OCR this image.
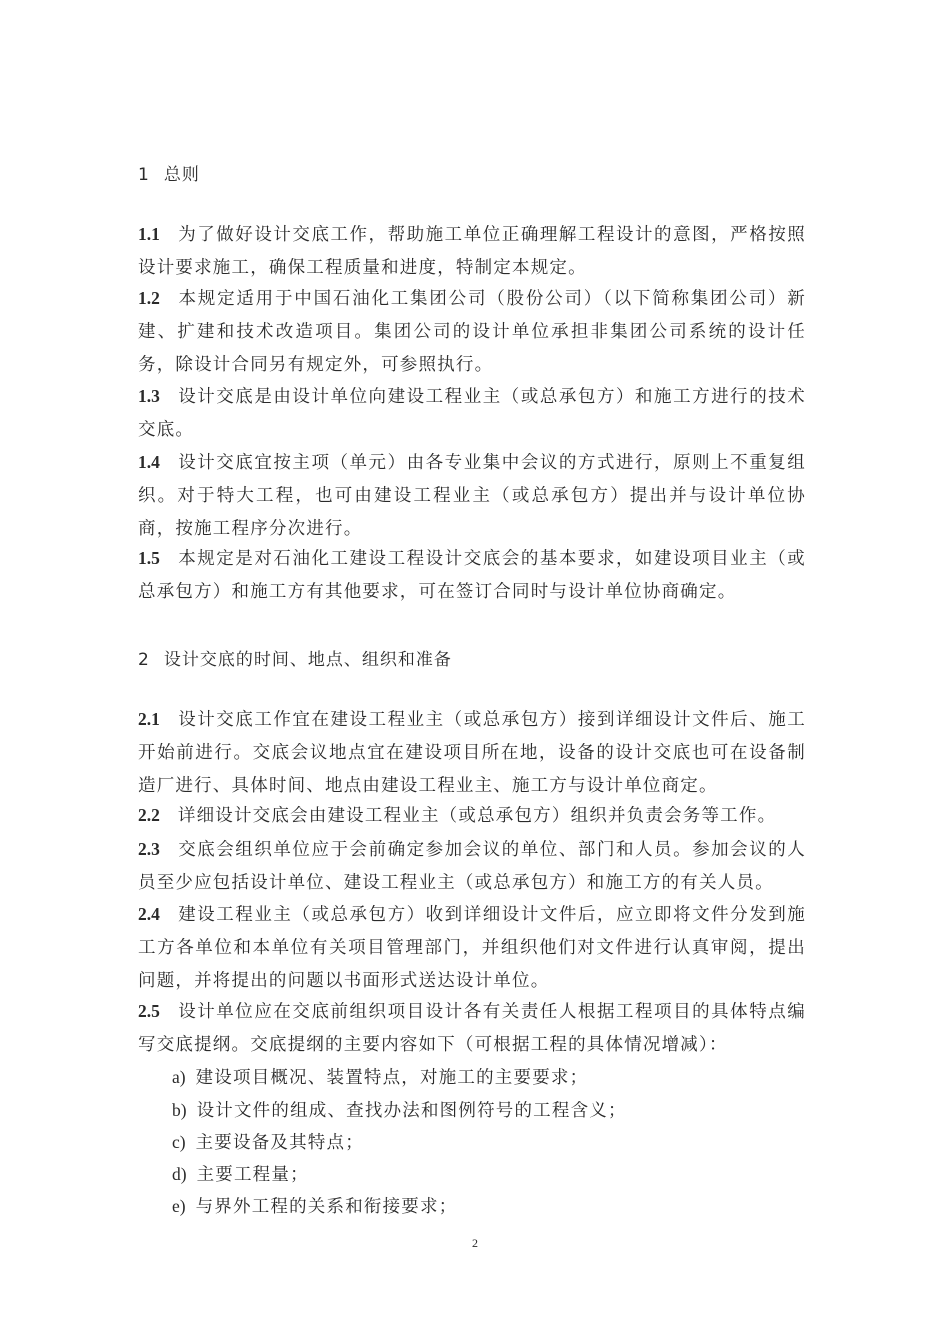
1 总则
1.1 为了做好设计交底工作，帮助施工单位正确理解工程设计的意图，严格按照设计要求施工，确保工程质量和进度，特制定本规定。
1.2 本规定适用于中国石油化工集团公司（股份公司）（以下简称集团公司）新建、扩建和技术改造项目。集团公司的设计单位承担非集团公司系统的设计任务，除设计合同另有规定外，可参照执行。
1.3 设计交底是由设计单位向建设工程业主（或总承包方）和施工方进行的技术交底。
1.4 设计交底宜按主项（单元）由各专业集中会议的方式进行，原则上不重复组织。对于特大工程，也可由建设工程业主（或总承包方）提出并与设计单位协商，按施工程序分次进行。
1.5 本规定是对石油化工建设工程设计交底会的基本要求，如建设项目业主（或总承包方）和施工方有其他要求，可在签订合同时与设计单位协商确定。
2 设计交底的时间、地点、组织和准备
2.1 设计交底工作宜在建设工程业主（或总承包方）接到详细设计文件后、施工开始前进行。交底会议地点宜在建设项目所在地，设备的设计交底也可在设备制造厂进行、具体时间、地点由建设工程业主、施工方与设计单位商定。
2.2 详细设计交底会由建设工程业主（或总承包方）组织并负责会务等工作。
2.3 交底会组织单位应于会前确定参加会议的单位、部门和人员。参加会议的人员至少应包括设计单位、建设工程业主（或总承包方）和施工方的有关人员。
2.4 建设工程业主（或总承包方）收到详细设计文件后，应立即将文件分发到施工方各单位和本单位有关项目管理部门，并组织他们对文件进行认真审阅，提出问题，并将提出的问题以书面形式送达设计单位。
2.5 设计单位应在交底前组织项目设计各有关责任人根据工程项目的具体特点编写交底提纲。交底提纲的主要内容如下（可根据工程的具体情况增减）：
a) 建设项目概况、装置特点，对施工的主要要求；
b) 设计文件的组成、查找办法和图例符号的工程含义；
c) 主要设备及其特点；
d) 主要工程量；
e) 与界外工程的关系和衔接要求；
2
